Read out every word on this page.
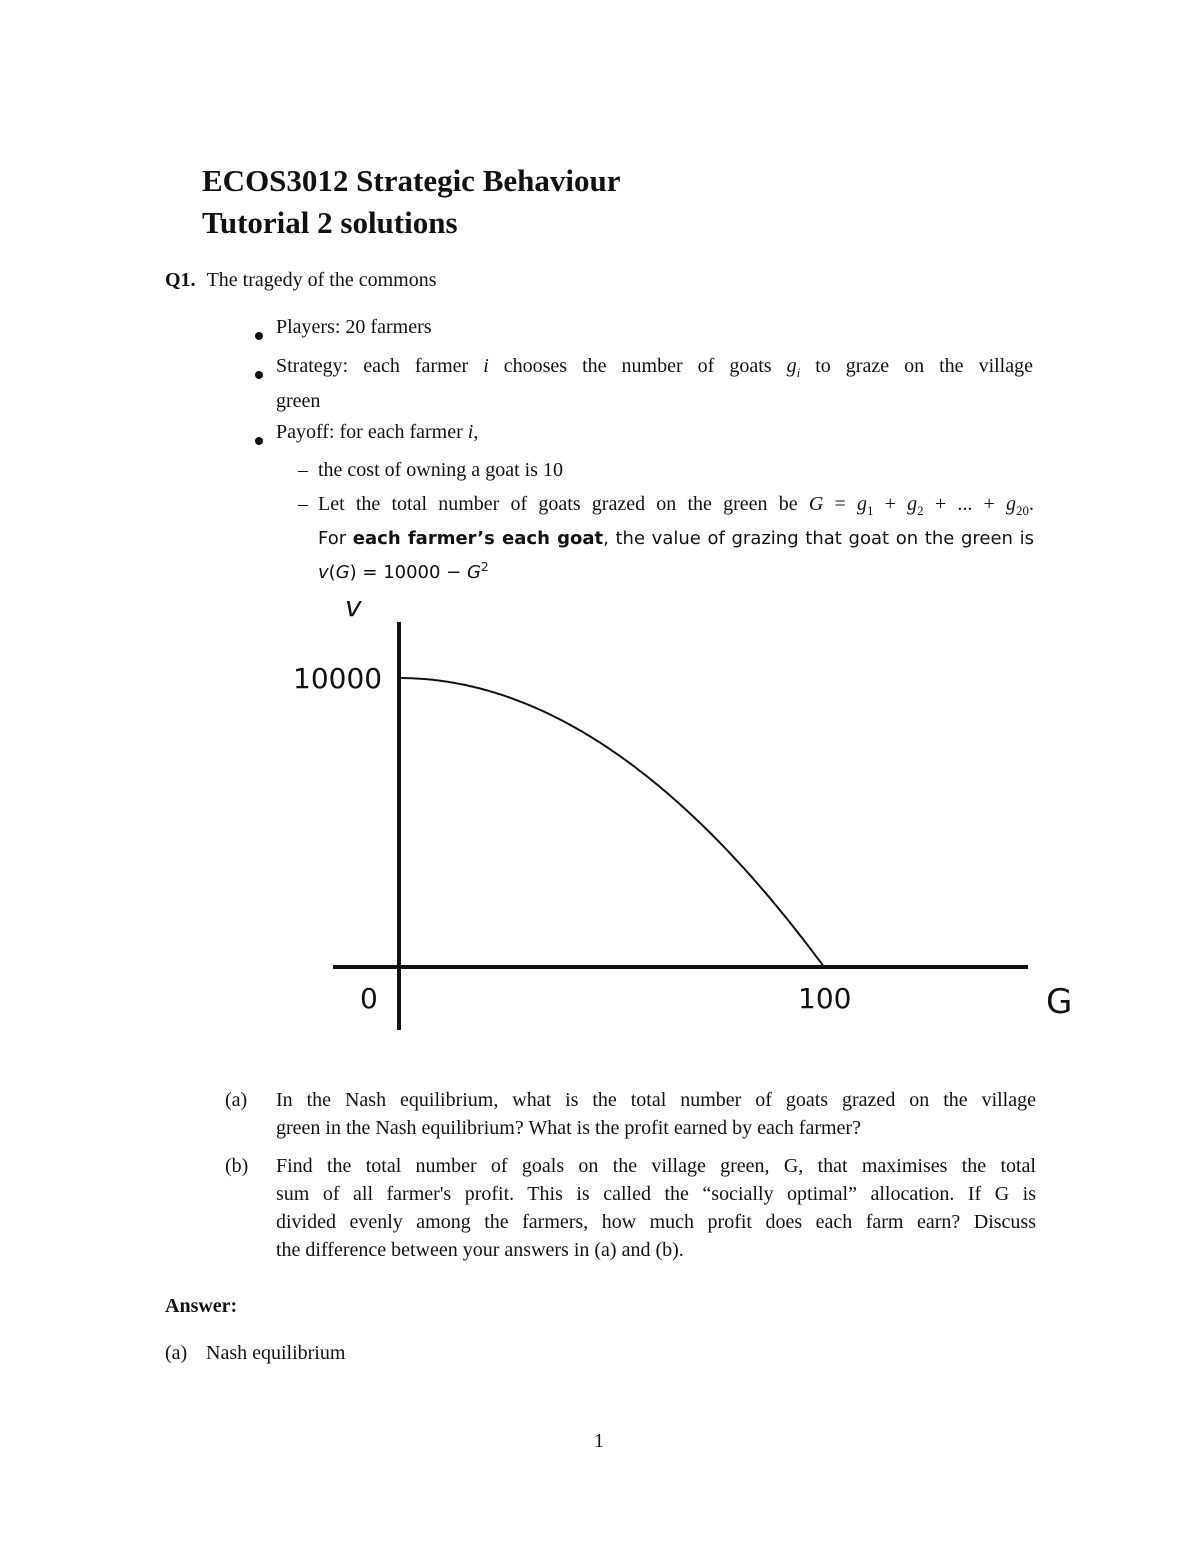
ECOS3012 Strategic Behaviour
Tutorial 2 solutions
Q1. The tragedy of the commons
Players: 20 farmers
Strategy: each farmer i chooses the number of goats $g_i$ to graze on the village
green
Payoff: for each farmer i,
– the cost of owning a goat is 10
– Let the total number of goats grazed on the green be $G = g_1 + g_2$ + ... + $g_{20}$.
For each farmer’s each goat, the value of grazing that goat on the green is
$v(G) = 10000 - G^2$
v
10000
0	100	G
(a) In the Nash equilibrium, what is the total number of goats grazed on the village
green in the Nash equilibrium? What is the profit earned by each farmer?
(b) Find the total number of goals on the village green, G, that maximises the total
sum of all farmer's profit. This is called the “socially optimal” allocation. If G is
divided evenly among the farmers, how much profit does each farm earn? Discuss
the difference between your answers in (a) and (b).
Answer:
(a) Nash equilibrium
1
